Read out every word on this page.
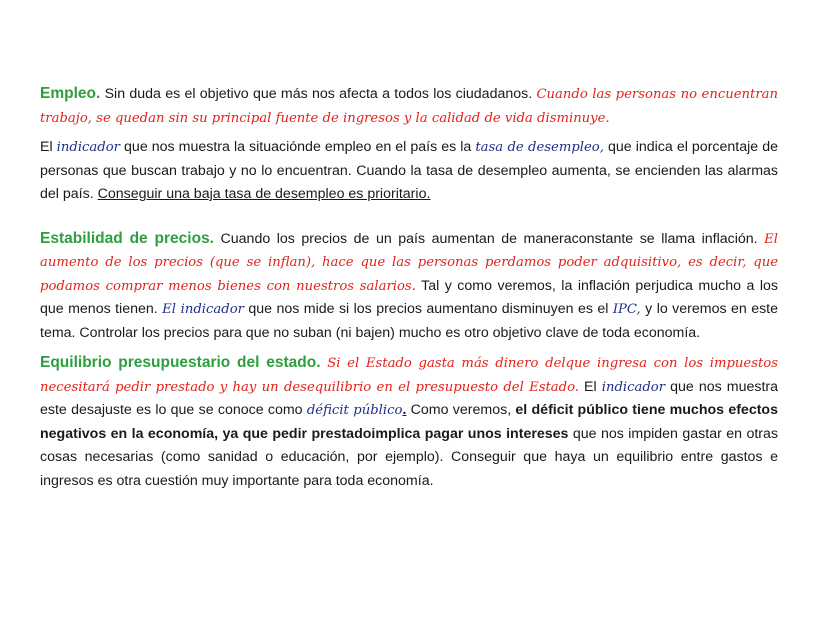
Empleo. Sin duda es el objetivo que más nos afecta a todos los ciudadanos. Cuando las personas no encuentran trabajo, se quedan sin su principal fuente de ingresos y la calidad de vida disminuye.

El indicador que nos muestra la situaciónde empleo en el país es la tasa de desempleo, que indica el porcentaje de personas que buscan trabajo y no lo encuentran. Cuando la tasa de desempleo aumenta, se encienden las alarmas del país. Conseguir una baja tasa de desempleo es prioritario.

Estabilidad de precios. Cuando los precios de un país aumentan de maneraconstante se llama inflación. El aumento de los precios (que se inflan), hace que las personas perdamos poder adquisitivo, es decir, que podamos comprar menos bienes con nuestros salarios. Tal y como veremos, la inflación perjudica mucho a los que menos tienen. El indicador que nos mide si los precios aumentano disminuyen es el IPC, y lo veremos en este tema. Controlar los precios para que no suban (ni bajen) mucho es otro objetivo clave de toda economía.

Equilibrio presupuestario del estado. Si el Estado gasta más dinero delque ingresa con los impuestos necesitará pedir prestado y hay un desequilibrio en el presupuesto del Estado. El indicador que nos muestra este desajuste es lo que se conoce como déficit público. Como veremos, el déficit público tiene muchos efectos negativos en la economía, ya que pedir prestadoimplica pagar unos intereses que nos impiden gastar en otras cosas necesarias (como sanidad o educación, por ejemplo). Conseguir que haya un equilibrio entre gastos e ingresos es otra cuestión muy importante para toda economía.
